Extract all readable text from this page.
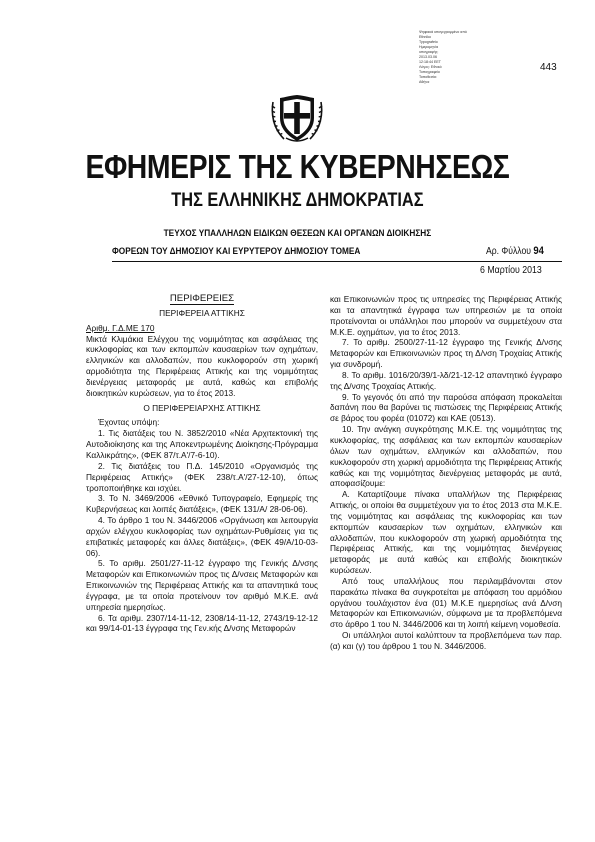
Ψηφιακά υπογεγραμμένο από
Ethniko
Typografeio
Ημερομηνία
υπογραφής:
2013.03.06
12:18:44 EET
Λόγος: Εθνικό
Τυπογραφείο
Τοποθεσία:
Αθήνα
443
ΕΦΗΜΕΡΙΣ ΤΗΣ ΚΥΒΕΡΝΗΣΕΩΣ
ΤΗΣ ΕΛΛΗΝΙΚΗΣ ΔΗΜΟΚΡΑΤΙΑΣ
ΤΕΥΧΟΣ ΥΠΑΛΛΗΛΩΝ ΕΙΔΙΚΩΝ ΘΕΣΕΩΝ ΚΑΙ ΟΡΓΑΝΩΝ ΔΙΟΙΚΗΣΗΣ
ΦΟΡΕΩΝ ΤΟΥ ΔΗΜΟΣΙΟΥ ΚΑΙ ΕΥΡΥΤΕΡΟΥ ΔΗΜΟΣΙΟΥ ΤΟΜΕΑ	Αρ. Φύλλου 94
6 Μαρτίου 2013
ΠΕΡΙΦΕΡΕΙΕΣ

ΠΕΡΙΦΕΡΕΙΑ ΑΤΤΙΚΗΣ

Αριθμ. Γ.Δ.ΜΕ 170

Μικτά Κλιμάκια Ελέγχου της νομιμότητας και ασφάλειας της κυκλοφορίας και των εκπομπών καυσαερίων των οχημάτων, ελληνικών και αλλοδαπών, που κυκλοφορούν στη χωρική αρμοδιότητα της Περιφέρειας Αττικής και της νομιμότητας διενέργειας μεταφοράς με αυτά, καθώς και επιβολής διοικητικών κυρώσεων, για το έτος 2013.

Ο ΠΕΡΙΦΕΡΕΙΑΡΧΗΣ ΑΤΤΙΚΗΣ

Έχοντας υπόψη:

1. Τις διατάξεις του Ν. 3852/2010 «Νέα Αρχιτεκτονική της Αυτοδιοίκησης και της Αποκεντρωμένης Διοίκησης-Πρόγραμμα Καλλικράτης», (ΦΕΚ 87/τ.Α'/7-6-10).

2. Τις διατάξεις του Π.Δ. 145/2010 «Οργανισμός της Περιφέρειας Αττικής» (ΦΕΚ 238/τ.Α'/27-12-10), όπως τροποποιήθηκε και ισχύει.

3. Το Ν. 3469/2006 «Εθνικό Τυπογραφείο, Εφημερίς της Κυβερνήσεως και λοιπές διατάξεις», (ΦΕΚ 131/Α/ 28-06-06).

4. Το άρθρο 1 του Ν. 3446/2006 «Οργάνωση και λειτουργία αρχών ελέγχου κυκλοφορίας των οχημάτων-Ρυθμίσεις για τις επιβατικές μεταφορές και άλλες διατάξεις», (ΦΕΚ 49/Α/10-03-06).

5. Το αριθμ. 2501/27-11-12 έγγραφο της Γενικής Δ/νσης Μεταφορών και Επικοινωνιών προς τις Δ/νσεις Μεταφορών και Επικοινωνιών της Περιφέρειας Αττικής και τα απαντητικά τους έγγραφα, με τα οποία προτείνουν τον αριθμό Μ.Κ.Ε. ανά υπηρεσία ημερησίως.

6. Τα αριθμ. 2307/14-11-12, 2308/14-11-12, 2743/19-12-12 και 99/14-01-13 έγγραφα της Γεν.κής Δ/νσης Μεταφορών

και Επικοινωνιών προς τις υπηρεσίες της Περιφέρειας Αττικής και τα απαντητικά έγγραφα των υπηρεσιών με τα οποία προτείνονται οι υπάλληλοι που μπορούν να συμμετέχουν στα Μ.Κ.Ε. οχημάτων, για το έτος 2013.

7. Το αριθμ. 2500/27-11-12 έγγραφο της Γενικής Δ/νσης Μεταφορών και Επικοινωνιών προς τη Δ/νση Τροχαίας Αττικής για συνδρομή.

8. Το αριθμ. 1016/20/39/1-λδ/21-12-12 απαντητικό έγγραφο της Δ/νσης Τροχαίας Αττικής.

9. Το γεγονός ότι από την παρούσα απόφαση προκαλείται δαπάνη που θα βαρύνει τις πιστώσεις της Περιφέρειας Αττικής σε βάρος του φορέα (01072) και ΚΑΕ (0513).

10. Την ανάγκη συγκρότησης Μ.Κ.Ε. της νομιμότητας της κυκλοφορίας, της ασφάλειας και των εκπομπών καυσαερίων όλων των οχημάτων, ελληνικών και αλλοδαπών, που κυκλοφορούν στη χωρική αρμοδιότητα της Περιφέρειας Αττικής καθώς και της νομιμότητας διενέργειας μεταφοράς με αυτά, αποφασίζουμε:

Α. Καταρτίζουμε πίνακα υπαλλήλων της Περιφέρειας Αττικής, οι οποίοι θα συμμετέχουν για το έτος 2013 στα Μ.Κ.Ε. της νομιμότητας και ασφάλειας της κυκλοφορίας και των εκπομπών καυσαερίων των οχημάτων, ελληνικών και αλλοδαπών, που κυκλοφορούν στη χωρική αρμοδιότητα της Περιφέρειας Αττικής, και της νομιμότητας διενέργειας μεταφοράς με αυτά καθώς και επιβολής διοικητικών κυρώσεων.

Από τους υπαλλήλους που περιλαμβάνονται στον παρακάτω πίνακα θα συγκροτείται με απόφαση του αρμόδιου οργάνου τουλάχιστον ένα (01) Μ.Κ.Ε ημερησίως ανά Δ/νση Μεταφορών και Επικοινωνιών, σύμφωνα με τα προβλεπόμενα στο άρθρο 1 του Ν. 3446/2006 και τη λοιπή κείμενη νομοθεσία.

Οι υπάλληλοι αυτοί καλύπτουν τα προβλεπόμενα των παρ. (α) και (γ) του άρθρου 1 του Ν. 3446/2006.
